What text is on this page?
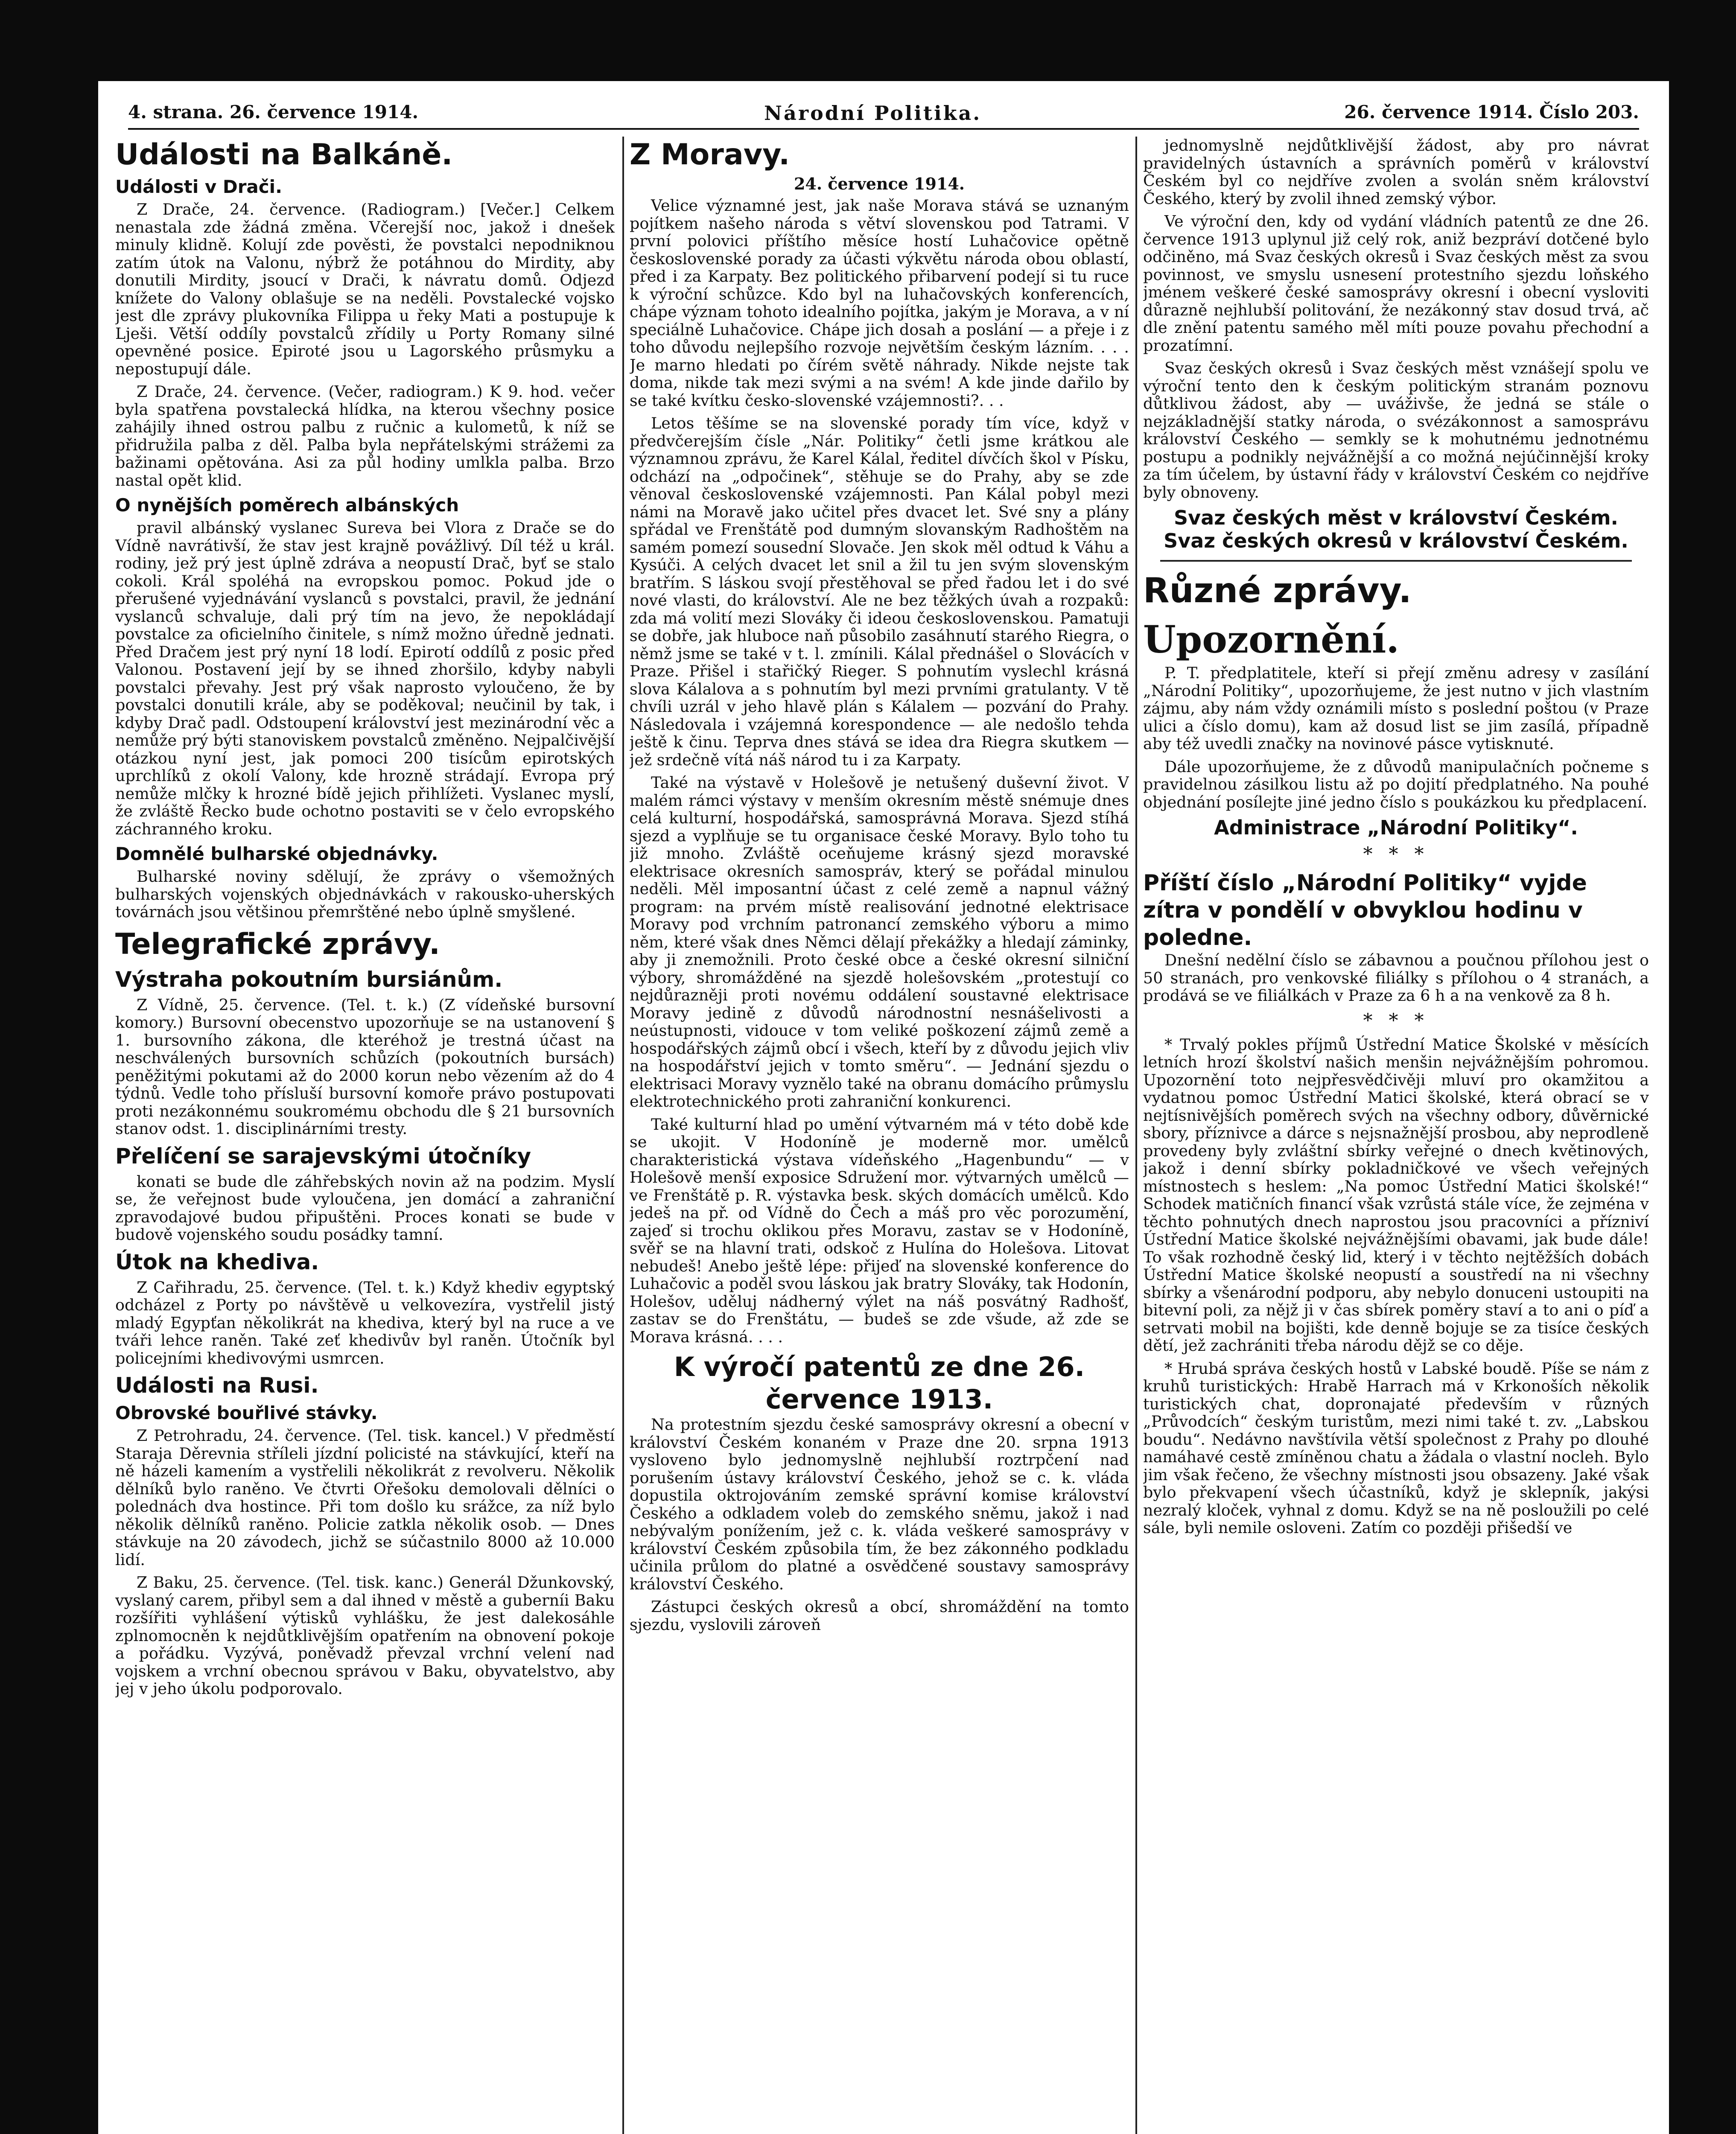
4. strana. 26. července 1914.	Národní Politika.	26. července 1914. Číslo 203.
Události na Balkáně.
Události v Drači.

Z Drače, 24. července. (Radiogram.) [Večer.] Celkem nenastala zde žádná změna. Včerejší noc, jakož i dnešek minuly klidně. Kolují zde pověsti, že povstalci nepodniknou zatím útok na Valonu, nýbrž že potáhnou do Mirdity, aby donutili Mirdity, jsoucí v Drači, k návratu domů. Odjezd knížete do Valony oblašuje se na neděli. Povstalecké vojsko jest dle zprávy plukovníka Filippa u řeky Mati a postupuje k Lješi. Větší oddíly povstalců zřídily u Porty Romany silné opevněné posice. Epiroté jsou u Lagorského průsmyku a nepostupují dále.

Z Drače, 24. července. (Večer, radiogram.) K 9. hod. večer byla spatřena povstalecká hlídka, na kterou všechny posice zahájily ihned ostrou palbu z ručnic a kulometů, k níž se přidružila palba z děl. Palba byla nepřátelskými strážemi za bažinami opětována. Asi za půl hodiny umlkla palba. Brzo nastal opět klid.

O nynějších poměrech albánských

pravil albánský vyslanec Sureva bei Vlora z Drače se do Vídně navrátivší, že stav jest krajně povážlivý. Díl též u král. rodiny, jež prý jest úplně zdráva a neopustí Drač, byť se stalo cokoli. Král spoléhá na evropskou pomoc. Pokud jde o přerušené vyjednávání vyslanců s povstalci, pravil, že jednání vyslanců schvaluje, dali prý tím na jevo, že nepokládají povstalce za oficielního činitele, s nímž možno úředně jednati. Před Dračem jest prý nyní 18 lodí. Epirotí oddílů z posic před Valonou. Postavení její by se ihned zhoršilo, kdyby nabyli povstalci převahy. Jest prý však naprosto vyloučeno, že by povstalci donutili krále, aby se poděkoval; neučinil by tak, i kdyby Drač padl. Odstoupení království jest mezinárodní věc a nemůže prý býti stanoviskem povstalců změněno. Nejpalčivější otázkou nyní jest, jak pomoci 200 tisícům epirotských uprchlíků z okolí Valony, kde hrozně strádají. Evropa prý nemůže mlčky k hrozné bídě jejich přihlížeti. Vyslanec myslí, že zvláště Řecko bude ochotno postaviti se v čelo evropského záchranného kroku.

Domnělé bulharské objednávky.

Bulharské noviny sdělují, že zprávy o všemožných bulharských vojenských objednávkách v rakousko-uherských továrnách jsou většinou přemrštěné nebo úplně smyšlené.

Telegrafické zprávy.
Výstraha pokoutním bursiánům.

Z Vídně, 25. července. (Tel. t. k.) (Z vídeňské bursovní komory.) Bursovní obecenstvo upozorňuje se na ustanovení § 1. bursovního zákona, dle kteréhož je trestná účast na neschválených bursovních schůzích (pokoutních bursách) peněžitými pokutami až do 2000 korun nebo vězením až do 4 týdnů. Vedle toho přísluší bursovní komoře právo postupovati proti nezákonnému soukromému obchodu dle § 21 bursovních stanov odst. 1. disciplinárními tresty.

Přelíčení se sarajevskými útočníky

konati se bude dle záhřebských novin až na podzim. Myslí se, že veřejnost bude vyloučena, jen domácí a zahraniční zpravodajové budou připuštěni. Proces konati se bude v budově vojenského soudu posádky tamní.

Útok na khediva.

Z Cařihradu, 25. července. (Tel. t. k.) Když khediv egyptský odcházel z Porty po návštěvě u velkovezíra, vystřelil jistý mladý Egypťan několikrát na khediva, který byl na ruce a ve tváři lehce raněn. Také zeť khedivův byl raněn. Útočník byl policejními khedivovými usmrcen.

Události na Rusi.
Obrovské bouřlivé stávky.

Z Petrohradu, 24. července. (Tel. tisk. kancel.) V předměstí Staraja Děrevnia stříleli jízdní policisté na stávkující, kteří na ně házeli kamením a vystřelili několikrát z revolveru. Několik dělníků bylo raněno. Ve čtvrti Ořešoku demolovali dělníci o polednách dva hostince. Při tom došlo ku srážce, za níž bylo několik dělníků raněno. Policie zatkla několik osob. — Dnes stávkuje na 20 závodech, jichž se súčastnilo 8000 až 10.000 lidí.

Z Baku, 25. července. (Tel. tisk. kanc.) Generál Džunkovský, vyslaný carem, přibyl sem a dal ihned v městě a guberníi Baku rozšířiti vyhlášení výtisků vyhlášku, že jest dalekosáhle zplnomocněn k nejdůtklivějším opatřením na obnovení pokoje a pořádku. Vyzývá, poněvadž převzal vrchní velení nad vojskem a vrchní obecnou správou v Baku, obyvatelstvo, aby jej v jeho úkolu podporovalo.

Z Moravy.
24. července 1914.

Velice významné jest, jak naše Morava stává se uznaným pojítkem našeho národa s větví slovenskou pod Tatrami. V první polovici příštího měsíce hostí Luhačovice opětně československé porady za účasti výkvětu národa obou oblastí, před i za Karpaty. Bez politického přibarvení podejí si tu ruce k výroční schůzce. Kdo byl na luhačovských konferencích, chápe význam tohoto idealního pojítka, jakým je Morava, a v ní speciálně Luhačovice. Chápe jich dosah a poslání — a přeje i z toho důvodu nejlepšího rozvoje největším českým lázním. . . . Je marno hledati po čírém světě náhrady. Nikde nejste tak doma, nikde tak mezi svými a na svém! A kde jinde dařilo by se také kvítku česko-slovenské vzájemnosti?. . .

Letos těšíme se na slovenské porady tím více, když v předvčerejším čísle „Nár. Politiky“ četli jsme krátkou ale významnou zprávu, že Karel Kálal, ředitel dívčích škol v Písku, odchází na „odpočinek“, stěhuje se do Prahy, aby se zde věnoval československé vzájemnosti. Pan Kálal pobyl mezi námi na Moravě jako učitel přes dvacet let. Své sny a plány spřádal ve Frenštátě pod dumným slovanským Radhoštěm na samém pomezí sousední Slovače. Jen skok měl odtud k Váhu a Kysúči. A celých dvacet let snil a žil tu jen svým slovenským bratřím. S láskou svojí přestěhoval se před řadou let i do své nové vlasti, do království. Ale ne bez těžkých úvah a rozpaků: zda má volití mezi Slováky či ideou československou. Pamatuji se dobře, jak hluboce naň působilo zasáhnutí starého Riegra, o němž jsme se také v t. l. zmínili. Kálal přednášel o Slovácích v Praze. Přišel i stařičký Rieger. S pohnutím vyslechl krásná slova Kálalova a s pohnutím byl mezi prvními gratulanty. V tě chvíli uzrál v jeho hlavě plán s Kálalem — pozvání do Prahy. Následovala i vzájemná korespondence — ale nedošlo tehda ještě k činu. Teprva dnes stává se idea dra Riegra skutkem — jež srdečně vítá náš národ tu i za Karpaty.

Také na výstavě v Holešově je netušený duševní život. V malém rámci výstavy v menším okresním městě snémuje dnes celá kulturní, hospodářská, samosprávná Morava. Sjezd stíhá sjezd a vyplňuje se tu organisace české Moravy. Bylo toho tu již mnoho. Zvláště oceňujeme krásný sjezd moravské elektrisace okresních samospráv, který se pořádal minulou neděli. Měl imposantní účast z celé země a napnul vážný program: na prvém místě realisování jednotné elektrisace Moravy pod vrchním patronancí zemského výboru a mimo něm, které však dnes Němci dělají překážky a hledají záminky, aby ji znemožnili. Proto české obce a české okresní silniční výbory, shromážděné na sjezdě holešovském „protestují co nejdůrazněji proti novému oddálení soustavné elektrisace Moravy jedině z důvodů národnostní nesnášelivosti a neústupnosti, vidouce v tom veliké poškození zájmů země a hospodářských zájmů obcí i všech, kteří by z důvodu jejich vliv na hospodářství jejich v tomto směru“. — Jednání sjezdu o elektrisaci Moravy vyznělo také na obranu domácího průmyslu elektrotechnického proti zahraniční konkurenci.

Také kulturní hlad po umění výtvarném má v této době kde se ukojit. V Hodoníně je moderně mor. umělců charakteristická výstava vídeňského „Hagenbundu“ — v Holešově menší exposice Sdružení mor. výtvarných umělců — ve Frenštátě p. R. výstavka besk. ských domácích umělců. Kdo jedeš na př. od Vídně do Čech a máš pro věc porozumění, zajeď si trochu oklikou přes Moravu, zastav se v Hodoníně, svěř se na hlavní trati, odskoč z Hulína do Holešova. Litovat nebudeš! Anebo ještě lépe: přijeď na slovenské konference do Luhačovic a poděl svou láskou jak bratry Slováky, tak Hodonín, Holešov, uděluj nádherný výlet na náš posvátný Radhošť, zastav se do Frenštátu, — budeš se zde všude, až zde se Morava krásná. . . .

K výročí patentů ze dne 26. července 1913.

Na protestním sjezdu české samosprávy okresní a obecní v království Českém konaném v Praze dne 20. srpna 1913 vysloveno bylo jednomyslně nejhlubší roztrpčení nad porušením ústavy království Českého, jehož se c. k. vláda dopustila oktrojováním zemské správní komise království Českého a odkladem voleb do zemského sněmu, jakož i nad nebývalým ponížením, jež c. k. vláda veškeré samosprávy v království Českém způsobila tím, že bez zákonného podkladu učinila průlom do platné a osvědčené soustavy samosprávy království Českého.

Zástupci českých okresů a obcí, shromáždění na tomto sjezdu, vyslovili zároveň

jednomyslně nejdůtklivější žádost, aby pro návrat pravidelných ústavních a správních poměrů v království Českém byl co nejdříve zvolen a svolán sněm království Českého, který by zvolil ihned zemský výbor.

Ve výroční den, kdy od vydání vládních patentů ze dne 26. července 1913 uplynul již celý rok, aniž bezpráví dotčené bylo odčiněno, má Svaz českých okresů i Svaz českých měst za svou povinnost, ve smyslu usnesení protestního sjezdu loňského jménem veškeré české samosprávy okresní i obecní vysloviti důrazně nejhlubší politování, že nezákonný stav dosud trvá, ač dle znění patentu samého měl míti pouze povahu přechodní a prozatímní.

Svaz českých okresů i Svaz českých měst vznášejí spolu ve výroční tento den k českým politickým stranám poznovu důtklivou žádost, aby — uváživše, že jedná se stále o nejzákladnější statky národa, o svézákonnost a samosprávu království Českého — semkly se k mohutnému jednotnému postupu a podnikly nejvážnější a co možná nejúčinnější kroky za tím účelem, by ústavní řády v království Českém co nejdříve byly obnoveny.

Svaz českých měst v království Českém.
Svaz českých okresů v království Českém.
Různé zprávy.
Upozornění.

P. T. předplatitele, kteří si přejí změnu adresy v zasílání „Národní Politiky“, upozorňujeme, že jest nutno v jich vlastním zájmu, aby nám vždy oznámili místo s poslední poštou (v Praze ulici a číslo domu), kam až dosud list se jim zasílá, případně aby též uvedli značky na novinové pásce vytisknuté.

Dále upozorňujeme, že z důvodů manipulačních počneme s pravidelnou zásilkou listu až po dojití předplatného. Na pouhé objednání posílejte jiné jedno číslo s poukázkou ku předplacení.

Administrace „Národní Politiky“.
* * *
Příští číslo „Národní Politiky“ vyjde zítra v pondělí v obvyklou hodinu v poledne.

Dnešní nedělní číslo se zábavnou a poučnou přílohou jest o 50 stranách, pro venkovské filiálky s přílohou o 4 stranách, a prodává se ve filiálkách v Praze za 6 h a na venkově za 8 h.

* * *

* Trvalý pokles příjmů Ústřední Matice Školské v měsících letních hrozí školství našich menšin nejvážnějším pohromou. Upozornění toto nejpřesvědčivěji mluví pro okamžitou a vydatnou pomoc Ústřední Matici školské, která obrací se v nejtísnivějších poměrech svých na všechny odbory, důvěrnické sbory, příznivce a dárce s nejsnažnější prosbou, aby neprodleně provedeny byly zvláštní sbírky veřejné o dnech květinových, jakož i denní sbírky pokladničkové ve všech veřejných místnostech s heslem: „Na pomoc Ústřední Matici školské!“ Schodek matičních financí však vzrůstá stále více, že zejména v těchto pohnutých dnech naprostou jsou pracovníci a přízniví Ústřední Matice školské nejvážnějšími obavami, jak bude dále! To však rozhodně český lid, který i v těchto nejtěžších dobách Ústřední Matice školské neopustí a soustředí na ni všechny sbírky a všenárodní podporu, aby nebylo donuceni ustoupiti na bitevní poli, za nějž ji v čas sbírek poměry staví a to ani o píď a setrvati mobil na bojišti, kde denně bojuje se za tisíce českých dětí, jež zachrániti třeba národu dějž se co děje.

* Hrubá správa českých hostů v Labské boudě. Píše se nám z kruhů turistických: Hrabě Harrach má v Krkonoších několik turistických chat, dopronajaté především v různých „Průvodcích“ českým turistům, mezi nimi také t. zv. „Labskou boudu“. Nedávno navštívila větší společnost z Prahy po dlouhé namáhavé cestě zmíněnou chatu a žádala o vlastní nocleh. Bylo jim však řečeno, že všechny místnosti jsou obsazeny. Jaké však bylo překvapení všech účastníků, když je sklepník, jakýsi nezralý kloček, vyhnal z domu. Když se na ně posloužili po celé sále, byli nemile osloveni. Zatím co později přišedší ve
